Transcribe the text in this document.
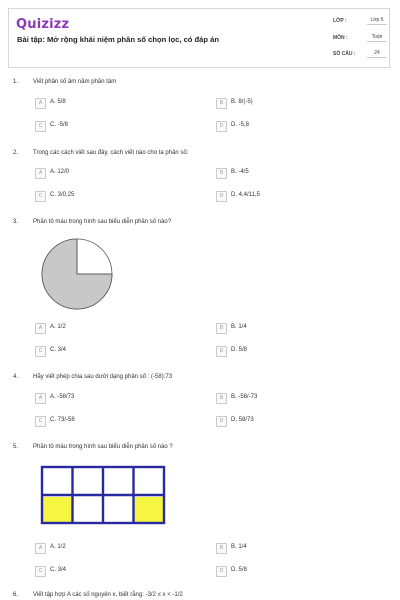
Quizizz
Bài tập: Mở rộng khái niệm phân số chọn lọc, có đáp án
LỚP :	Lớp 6
MÔN :	Toán
SỐ CÂU :	24
1. Viết phân số âm năm phần tám
A	A. 5/8	B	B. 8/(-5)
C	C. -5/8	D	D. -5,8
2. Trong các cách viết sau đây, cách viết nào cho ta phân số:
A	A. 12/0	B	B. -4/5
C	C. 3/0,25	D	D. 4,4/11,5
3. Phần tô màu trong hình sau biểu diễn phân số nào?
A	A. 1/2	B	B. 1/4
C	C. 3/4	D	D. 5/8
4. Hãy viết phép chia sau dưới dạng phân số : (-58):73
A	A. -58/73	B	B. -58/-73
C	C. 73/-58	D	D. 58/73
5. Phần tô màu trong hình sau biểu diễn phân số nào ?
A	A. 1/2	B	B. 1/4
C	C. 3/4	D	D. 5/8
6. Viết tập hợp A các số nguyên x, biết rằng: -3/2 ≤ x < -1/2
